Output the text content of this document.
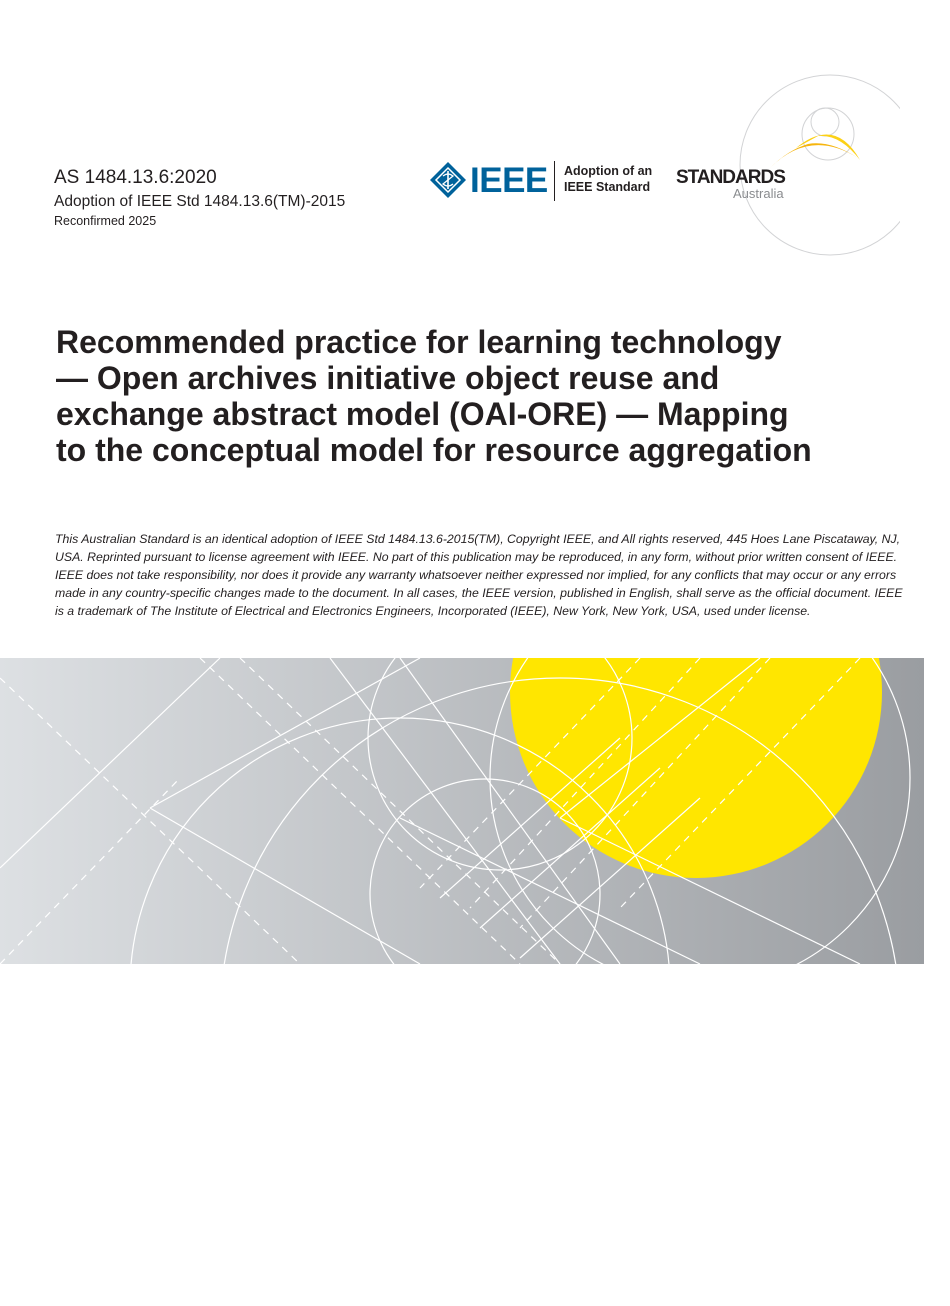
AS 1484.13.6:2020
Adoption of IEEE Std 1484.13.6(TM)-2015
Reconfirmed 2025
IEEE Adoption of an
IEEE Standard	STANDARDS
Australia
Recommended practice for learning technology — Open archives initiative object reuse and exchange abstract model (OAI-ORE) — Mapping to the conceptual model for resource aggregation

This Australian Standard is an identical adoption of IEEE Std 1484.13.6-2015(TM), Copyright IEEE, and All rights reserved, 445 Hoes Lane Piscataway, NJ, USA. Reprinted pursuant to license agreement with IEEE. No part of this publication may be reproduced, in any form, without prior written consent of IEEE.

IEEE does not take responsibility, nor does it provide any warranty whatsoever neither expressed nor implied, for any conflicts that may occur or any errors made in any country-specific changes made to the document. In all cases, the IEEE version, published in English, shall serve as the official document. IEEE is a trademark of The Institute of Electrical and Electronics Engineers, Incorporated (IEEE), New York, New York, USA, used under license.
